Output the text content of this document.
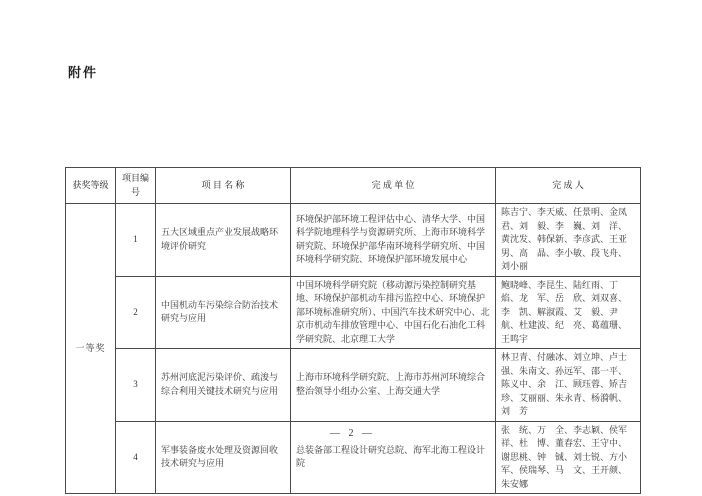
附件
获奖等级	项目编号	项 目 名 称	完 成 单 位	完 成 人
一等奖	1	五大区域重点产业发展战略环境评价研究	环境保护部环境工程评估中心、清华大学、中国科学院地理科学与资源研究所、上海市环境科学研究院、环境保护部华南环境科学研究所、中国环境科学研究院、环境保护部环境发展中心	陈吉宁、李天威、任景明、金凤君、刘　毅、李　巍、刘　洋、黄沈发、韩保新、李彦武、王亚男、高　晶、李小敏、段飞舟、刘小丽
	2	中国机动车污染综合防治技术研究与应用	中国环境科学研究院（移动源污染控制研究基地、环境保护部机动车排污监控中心、环境保护部环境标准研究所）、中国汽车技术研究中心、北京市机动车排放管理中心、中国石化石油化工科学研究院、北京理工大学	鲍晓峰、李昆生、陆红雨、丁　焰、龙　军、岳　欣、刘双喜、李　凯、解淑霞、艾　毅、尹　航、杜建波、纪　亮、葛蕴珊、王鸣宇
	3	苏州河底泥污染评价、疏浚与综合利用关键技术研究与应用	上海市环境科学研究院、上海市苏州河环境综合整治领导小组办公室、上海交通大学	林卫青、付融冰、刘立坤、卢士强、朱南文、孙远军、邵一平、陈义中、余　江、顾珏蓉、矫吉珍、艾丽丽、朱永青、杨漪帆、刘　芳
	4	军事装备废水处理及资源回收技术研究与应用	总装备部工程设计研究总院、海军北海工程设计院	张　统、万　全、李志颖、侯军祥、杜　博、董春宏、王守中、谢思桃、钟　铖、刘士锐、方小军、侯瑞琴、马　文、王开颜、朱安娜
— 2 —
